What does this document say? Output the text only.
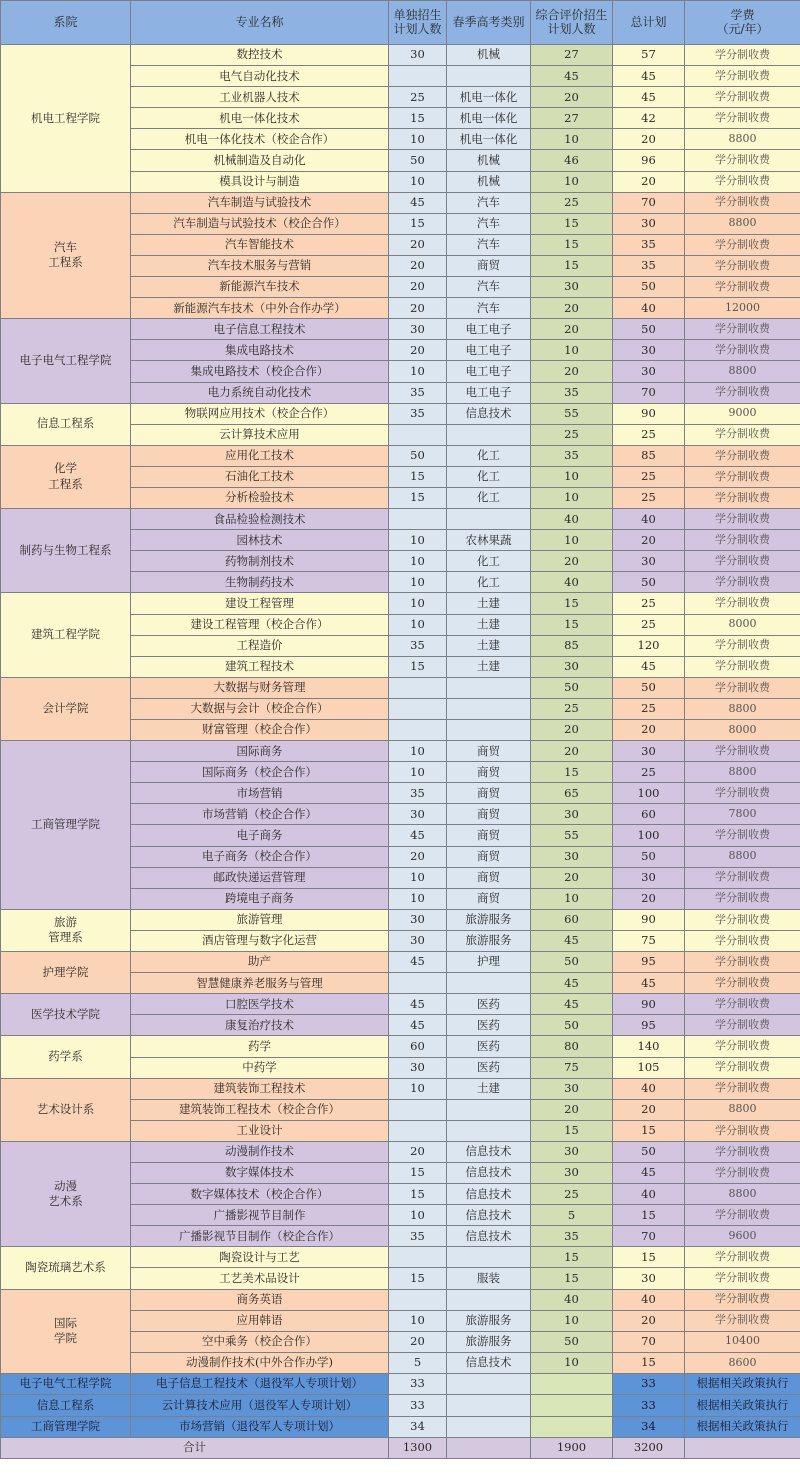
系院	专业名称	单独招生
计划人数	春季高考类别	综合评价招生
计划人数	总计划	学费
（元/年）
机电工程学院	数控技术	30	机械	27	57	学分制收费
	电气自动化技术			45	45	学分制收费
	工业机器人技术	25	机电一体化	20	45	学分制收费
	机电一体化技术	15	机电一体化	27	42	学分制收费
	机电一体化技术（校企合作）	10	机电一体化	10	20	8800
	机械制造及自动化	50	机械	46	96	学分制收费
	模具设计与制造	10	机械	10	20	学分制收费
汽车
工程系	汽车制造与试验技术	45	汽车	25	70	学分制收费
	汽车制造与试验技术（校企合作）	15	汽车	15	30	8800
	汽车智能技术	20	汽车	15	35	学分制收费
	汽车技术服务与营销	20	商贸	15	35	学分制收费
	新能源汽车技术	20	汽车	30	50	学分制收费
	新能源汽车技术（中外合作办学）	20	汽车	20	40	12000
电子电气工程学院	电子信息工程技术	30	电工电子	20	50	学分制收费
	集成电路技术	20	电工电子	10	30	学分制收费
	集成电路技术（校企合作）	10	电工电子	20	30	8800
	电力系统自动化技术	35	电工电子	35	70	学分制收费
信息工程系	物联网应用技术（校企合作）	35	信息技术	55	90	9000
	云计算技术应用			25	25	学分制收费
化学
工程系	应用化工技术	50	化工	35	85	学分制收费
	石油化工技术	15	化工	10	25	学分制收费
	分析检验技术	15	化工	10	25	学分制收费
制药与生物工程系	食品检验检测技术			40	40	学分制收费
	园林技术	10	农林果蔬	10	20	学分制收费
	药物制剂技术	10	化工	20	30	学分制收费
	生物制药技术	10	化工	40	50	学分制收费
建筑工程学院	建设工程管理	10	土建	15	25	学分制收费
	建设工程管理（校企合作）	10	土建	15	25	8000
	工程造价	35	土建	85	120	学分制收费
	建筑工程技术	15	土建	30	45	学分制收费
会计学院	大数据与财务管理			50	50	学分制收费
	大数据与会计（校企合作）			25	25	8800
	财富管理（校企合作）			20	20	8000
工商管理学院	国际商务	10	商贸	20	30	学分制收费
	国际商务（校企合作）	10	商贸	15	25	8800
	市场营销	35	商贸	65	100	学分制收费
	市场营销（校企合作）	30	商贸	30	60	7800
	电子商务	45	商贸	55	100	学分制收费
	电子商务（校企合作）	20	商贸	30	50	8800
	邮政快递运营管理	10	商贸	20	30	学分制收费
	跨境电子商务	10	商贸	10	20	学分制收费
旅游
管理系	旅游管理	30	旅游服务	60	90	学分制收费
	酒店管理与数字化运营	30	旅游服务	45	75	学分制收费
护理学院	助产	45	护理	50	95	学分制收费
	智慧健康养老服务与管理			45	45	学分制收费
医学技术学院	口腔医学技术	45	医药	45	90	学分制收费
	康复治疗技术	45	医药	50	95	学分制收费
药学系	药学	60	医药	80	140	学分制收费
	中药学	30	医药	75	105	学分制收费
艺术设计系	建筑装饰工程技术	10	土建	30	40	学分制收费
	建筑装饰工程技术（校企合作）			20	20	8800
	工业设计			15	15	学分制收费
动漫
艺术系	动漫制作技术	20	信息技术	30	50	学分制收费
	数字媒体技术	15	信息技术	30	45	学分制收费
	数字媒体技术（校企合作）	15	信息技术	25	40	8800
	广播影视节目制作	10	信息技术	5	15	学分制收费
	广播影视节目制作（校企合作）	35	信息技术	35	70	9600
陶瓷琉璃艺术系	陶瓷设计与工艺			15	15	学分制收费
	工艺美术品设计	15	服装	15	30	学分制收费
国际
学院	商务英语			40	40	学分制收费
	应用韩语	10	旅游服务	10	20	学分制收费
	空中乘务（校企合作）	20	旅游服务	50	70	10400
	动漫制作技术(中外合作办学)	5	信息技术	10	15	8600
电子电气工程学院	电子信息工程技术（退役军人专项计划）	33			33	根据相关政策执行
信息工程系	云计算技术应用（退役军人专项计划）	33			33	根据相关政策执行
工商管理学院	市场营销（退役军人专项计划）	34			34	根据相关政策执行
合计		1300		1900	3200	
